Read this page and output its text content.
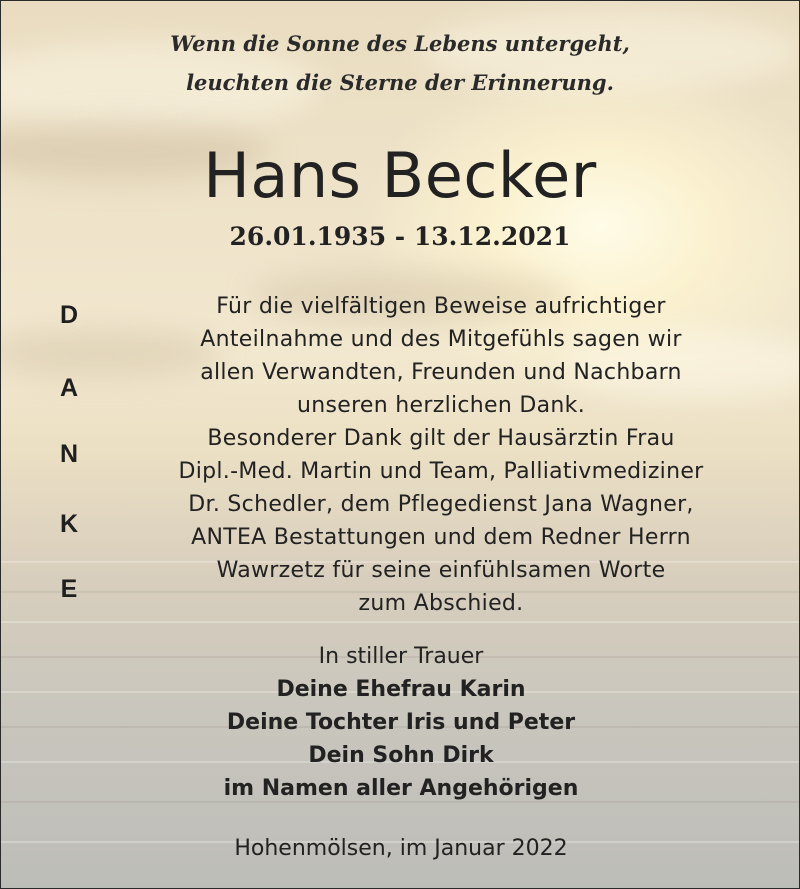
Wenn die Sonne des Lebens untergeht,
leuchten die Sterne der Erinnerung.
Hans Becker
26.01.1935 - 13.12.2021
D
A
N
K
E
Für die vielfältigen Beweise aufrichtiger
Anteilnahme und des Mitgefühls sagen wir
allen Verwandten, Freunden und Nachbarn
unseren herzlichen Dank.
Besonderer Dank gilt der Hausärztin Frau
Dipl.-Med. Martin und Team, Palliativmediziner
Dr. Schedler, dem Pflegedienst Jana Wagner,
ANTEA Bestattungen und dem Redner Herrn
Wawrzetz für seine einfühlsamen Worte
zum Abschied.
In stiller Trauer
Deine Ehefrau Karin
Deine Tochter Iris und Peter
Dein Sohn Dirk
im Namen aller Angehörigen
Hohenmölsen, im Januar 2022
